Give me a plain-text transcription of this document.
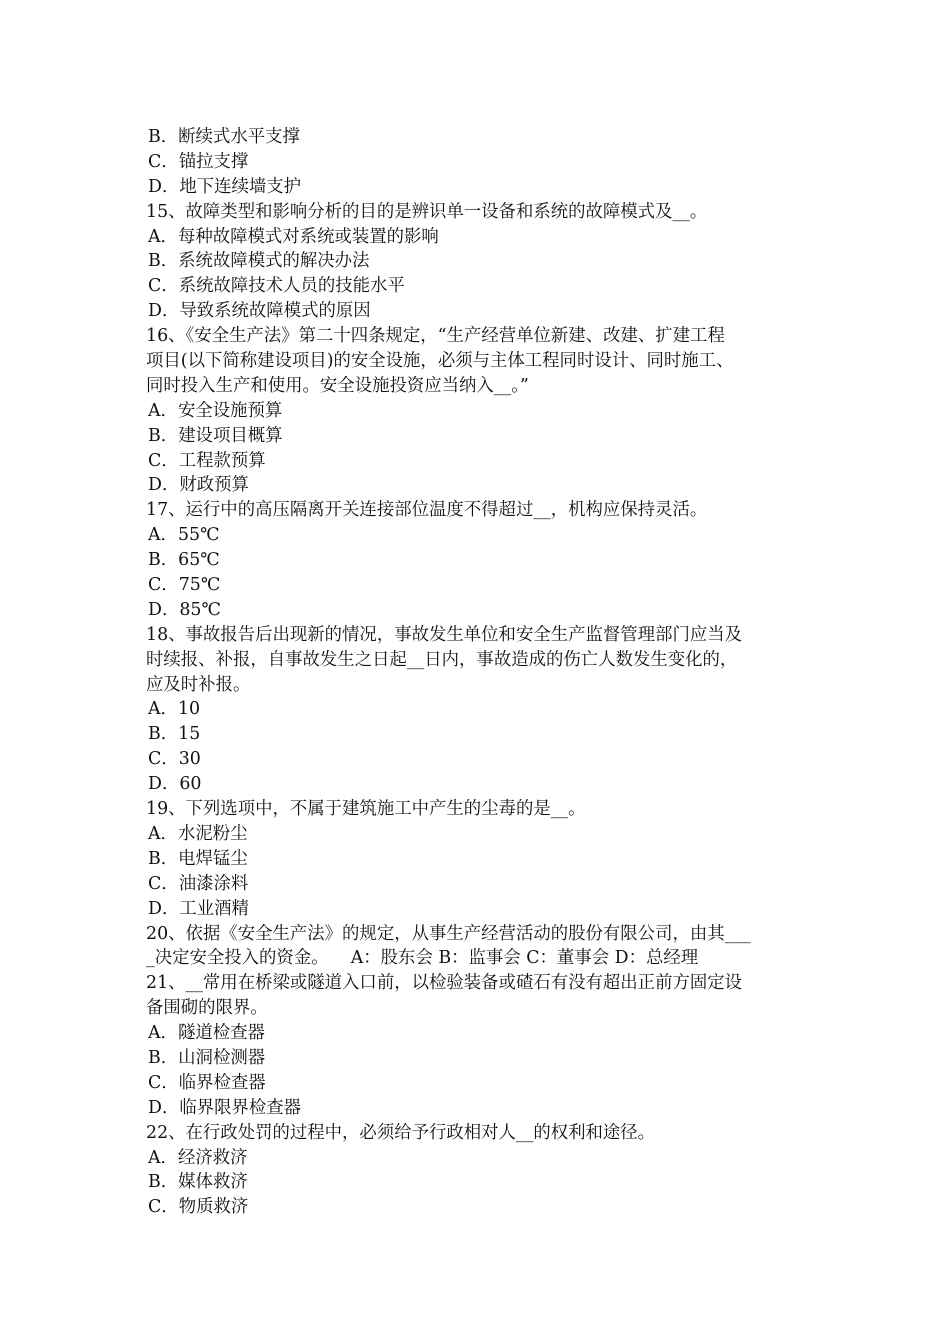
B．断续式水平支撑
C．锚拉支撑
D．地下连续墙支护
15、故障类型和影响分析的目的是辨识单一设备和系统的故障模式及__。
A．每种故障模式对系统或装置的影响
B．系统故障模式的解决办法
C．系统故障技术人员的技能水平
D．导致系统故障模式的原因
16、《安全生产法》第二十四条规定，“生产经营单位新建、改建、扩建工程
项目(以下简称建设项目)的安全设施，必须与主体工程同时设计、同时施工、
同时投入生产和使用。安全设施投资应当纳入__。”
A．安全设施预算
B．建设项目概算
C．工程款预算
D．财政预算
17、运行中的高压隔离开关连接部位温度不得超过__，机构应保持灵活。
A．55℃
B．65℃
C．75℃
D．85℃
18、事故报告后出现新的情况，事故发生单位和安全生产监督管理部门应当及
时续报、补报，自事故发生之日起__日内，事故造成的伤亡人数发生变化的，
应及时补报。
A．10
B．15
C．30
D．60
19、下列选项中，不属于建筑施工中产生的尘毒的是__。
A．水泥粉尘
B．电焊锰尘
C．油漆涂料
D．工业酒精
20、依据《安全生产法》的规定，从事生产经营活动的股份有限公司，由其___
_决定安全投入的资金。    A：股东会 B：监事会 C：董事会 D：总经理
21、__常用在桥梁或隧道入口前，以检验装备或碴石有没有超出正前方固定设
备围砌的限界。
A．隧道检查器
B．山洞检测器
C．临界检查器
D．临界限界检查器
22、在行政处罚的过程中，必须给予行政相对人__的权利和途径。
A．经济救济
B．媒体救济
C．物质救济
